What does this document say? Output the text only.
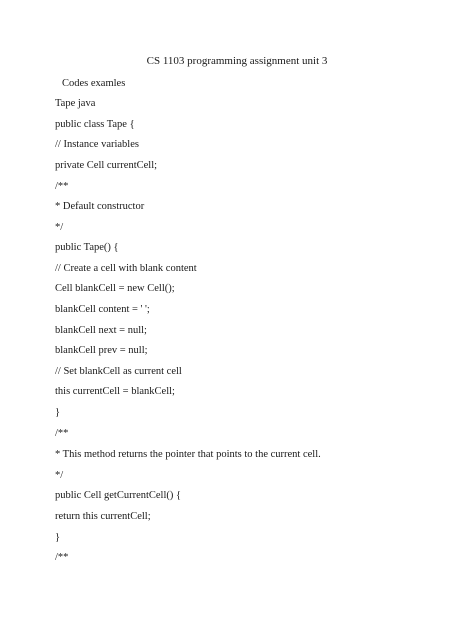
CS 1103 programming assignment unit 3
Codes examles
Tape java
public class Tape {
// Instance variables
private Cell currentCell;
/**
* Default constructor
*/
public Tape() {
// Create a cell with blank content
Cell blankCell = new Cell();
blankCell content = ' ';
blankCell next = null;
blankCell prev = null;
// Set blankCell as current cell
this currentCell = blankCell;
}
/**
* This method returns the pointer that points to the current cell.
*/
public Cell getCurrentCell() {
return this currentCell;
}
/**
